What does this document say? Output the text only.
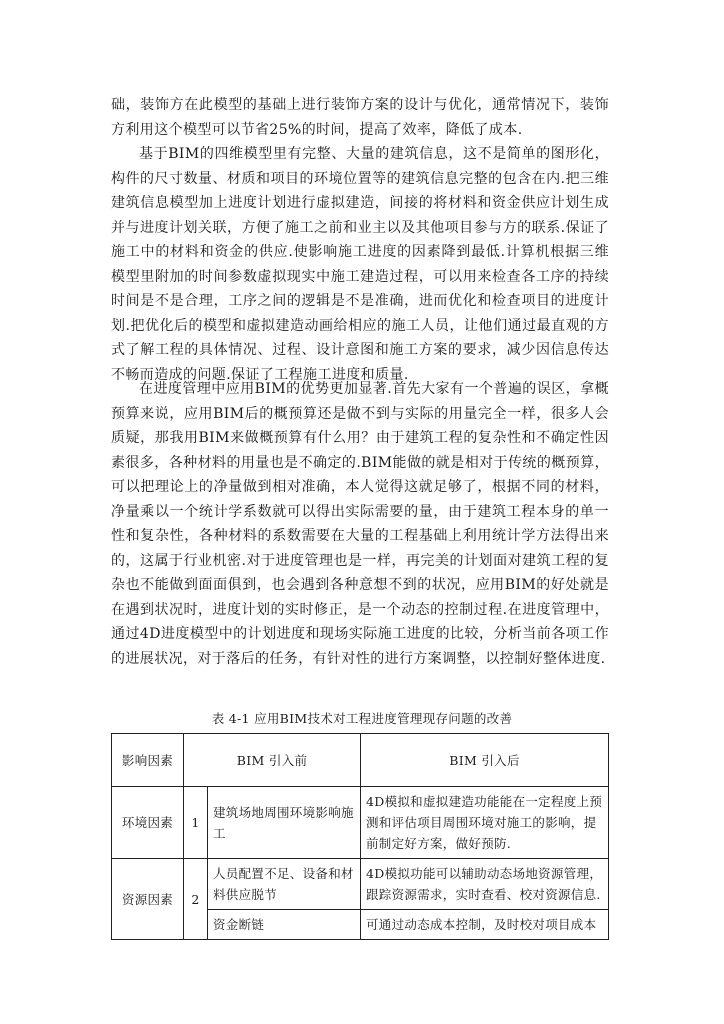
础，装饰方在此模型的基础上进行装饰方案的设计与优化，通常情况下，装饰方利用这个模型可以节省25%的时间，提高了效率，降低了成本.

基于BIM的四维模型里有完整、大量的建筑信息，这不是简单的图形化，构件的尺寸数量、材质和项目的环境位置等的建筑信息完整的包含在内.把三维建筑信息模型加上进度计划进行虚拟建造，间接的将材料和资金供应计划生成并与进度计划关联，方便了施工之前和业主以及其他项目参与方的联系.保证了施工中的材料和资金的供应.使影响施工进度的因素降到最低.计算机根据三维模型里附加的时间参数虚拟现实中施工建造过程，可以用来检查各工序的持续时间是不是合理，工序之间的逻辑是不是准确，进而优化和检查项目的进度计划.把优化后的模型和虚拟建造动画给相应的施工人员，让他们通过最直观的方式了解工程的具体情况、过程、设计意图和施工方案的要求，减少因信息传达不畅而造成的问题.保证了工程施工进度和质量.

在进度管理中应用BIM的优势更加显著.首先大家有一个普遍的误区，拿概预算来说，应用BIM后的概预算还是做不到与实际的用量完全一样，很多人会质疑，那我用BIM来做概预算有什么用？由于建筑工程的复杂性和不确定性因素很多，各种材料的用量也是不确定的.BIM能做的就是相对于传统的概预算，可以把理论上的净量做到相对准确，本人觉得这就足够了，根据不同的材料，净量乘以一个统计学系数就可以得出实际需要的量，由于建筑工程本身的单一性和复杂性，各种材料的系数需要在大量的工程基础上利用统计学方法得出来的，这属于行业机密.对于进度管理也是一样，再完美的计划面对建筑工程的复杂也不能做到面面俱到，也会遇到各种意想不到的状况，应用BIM的好处就是在遇到状况时，进度计划的实时修正，是一个动态的控制过程.在进度管理中，通过4D进度模型中的计划进度和现场实际施工进度的比较，分析当前各项工作的进展状况，对于落后的任务，有针对性的进行方案调整，以控制好整体进度.

表 4-1 应用BIM技术对工程进度管理现存问题的改善
影响因素	BIM 引入前		BIM 引入后
环境因素	1	建筑场地周围环境影响施工	4D模拟和虚拟建造功能能在一定程度上预测和评估项目周围环境对施工的影响，提前制定好方案，做好预防.
资源因素	2	人员配置不足、设备和材料供应脱节	4D模拟功能可以辅助动态场地资源管理，跟踪资源需求，实时查看、校对资源信息.
		资金断链	可通过动态成本控制，及时校对项目成本
